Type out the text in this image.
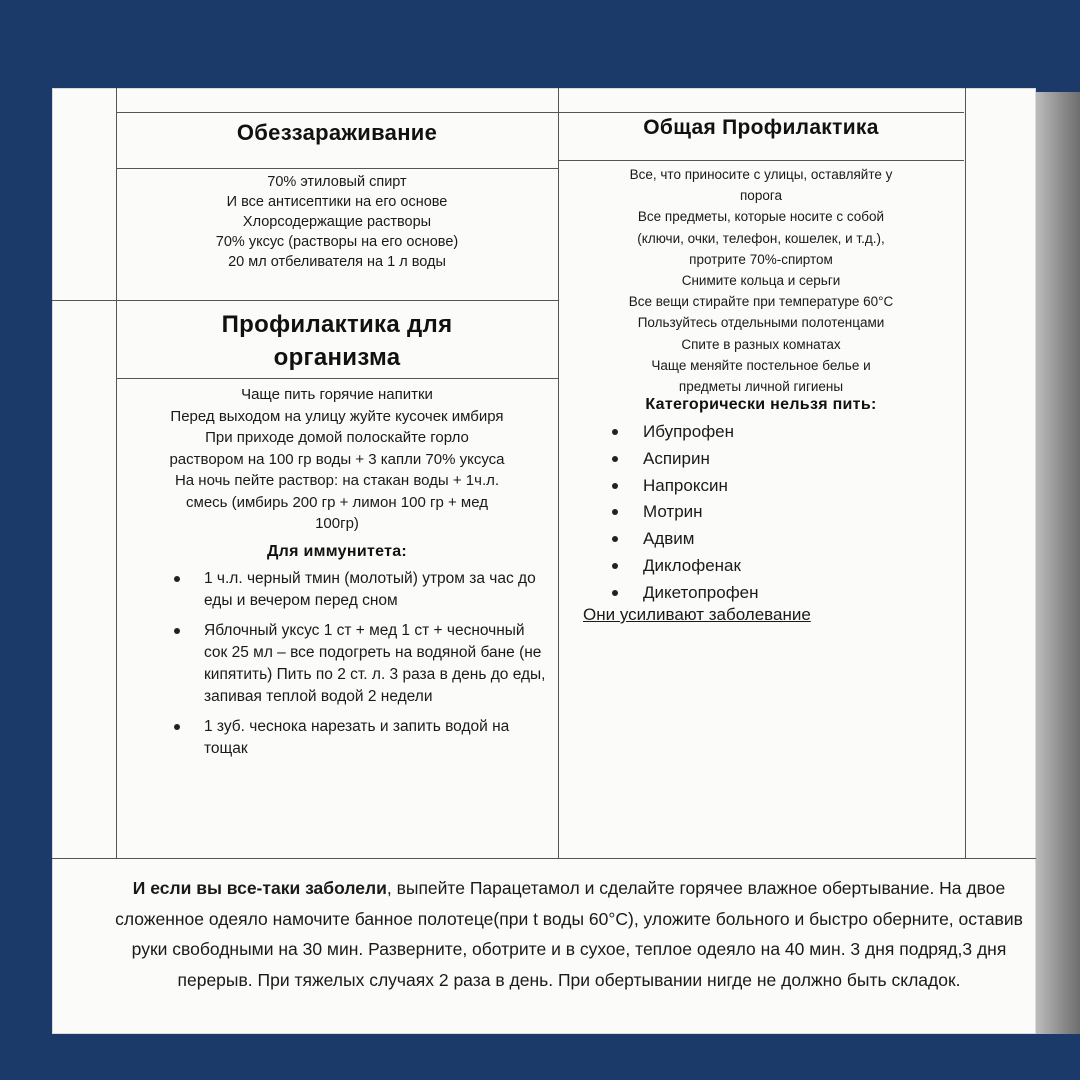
Обеззараживание
70% этиловый спирт
И все антисептики на его основе
Хлорсодержащие растворы
70% уксус (растворы на его основе)
20 мл отбеливателя на 1 л воды
Профилактика для
организма
Чаще пить горячие напитки
Перед выходом на улицу жуйте кусочек имбиря
При приходе домой полоскайте горло
раствором на 100 гр воды + 3 капли 70% уксуса
На ночь пейте раствор: на стакан воды + 1ч.л.
смесь (имбирь 200 гр + лимон 100 гр + мед
100гр)
Для иммунитета:
1 ч.л. черный тмин (молотый) утром за час до еды и вечером перед сном
Яблочный уксус 1 ст + мед 1 ст + чесночный сок 25 мл – все подогреть на водяной бане (не кипятить) Пить по 2 ст. л. 3 раза в день до еды, запивая теплой водой 2 недели
1 зуб. чеснока нарезать и запить водой на тощак
Общая Профилактика
Все, что приносите с улицы, оставляйте у
порога
Все предметы, которые носите с собой
(ключи, очки, телефон, кошелек, и т.д.),
протрите 70%-спиртом
Снимите кольца и серьги
Все вещи стирайте при температуре 60°С
Пользуйтесь отдельными полотенцами
Спите в разных комнатах
Чаще меняйте постельное белье и
предметы личной гигиены
Категорически нельзя пить:
Ибупрофен
Аспирин
Напроксин
Мотрин
Адвим
Диклофенак
Дикетопрофен
Они усиливают заболевание
И если вы все-таки заболели, выпейте Парацетамол и сделайте горячее влажное обертывание. На двое сложенное одеяло намочите банное полотеце(при t воды 60°С), уложите больного и быстро оберните, оставив руки свободными на 30 мин. Разверните, оботрите и в сухое, теплое одеяло на 40 мин. 3 дня подряд,3 дня перерыв. При тяжелых случаях 2 раза в день. При обертывании нигде не должно быть складок.
